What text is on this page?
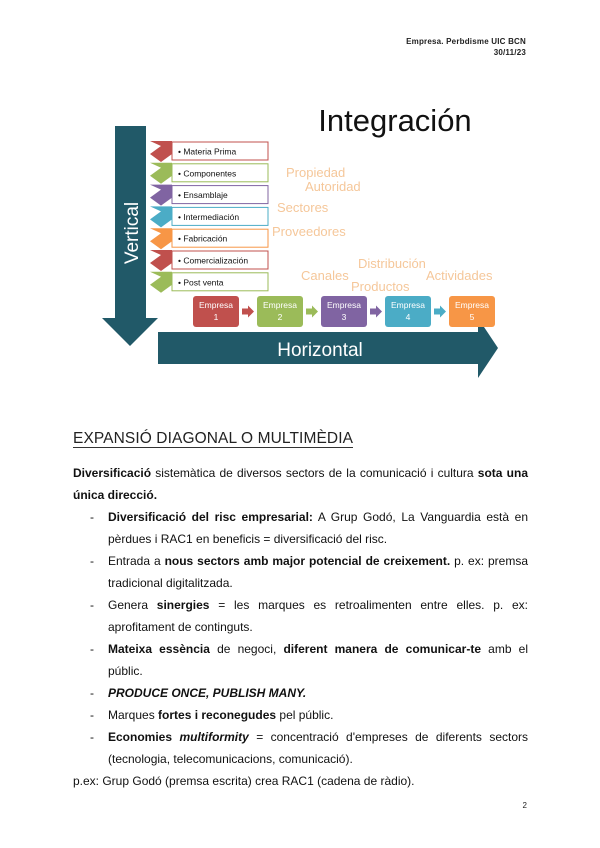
Empresa. Perbdisme UIC BCN
30/11/23
Vertical
Horizontal
Integración
• Materia Prima
• Componentes
• Ensamblaje
• Intermediación
• Fabricación
• Comercialización
• Post venta
Propiedad
Autoridad
Sectores
Proveedores
Canales
Distribución
Actividades
Productos
Empresa
1
Empresa
2
Empresa
3
Empresa
4
Empresa
5
EXPANSIÓ DIAGONAL O MULTIMÈDIA
Diversificació sistemàtica de diversos sectors de la comunicació i cultura sota una única direcció.
- Diversificació del risc empresarial: A Grup Godó, La Vanguardia està en pèrdues i RAC1 en beneficis = diversificació del risc.
- Entrada a nous sectors amb major potencial de creixement. p. ex: premsa tradicional digitalitzada.
- Genera sinergies = les marques es retroalimenten entre elles. p. ex: aprofitament de continguts.
- Mateixa essència de negoci, diferent manera de comunicar-te amb el públic.
- PRODUCE ONCE, PUBLISH MANY.
- Marques fortes i reconegudes pel públic.
- Economies multiformity = concentració d'empreses de diferents sectors (tecnologia, telecomunicacions, comunicació).
p.ex: Grup Godó (premsa escrita) crea RAC1 (cadena de ràdio).
2
